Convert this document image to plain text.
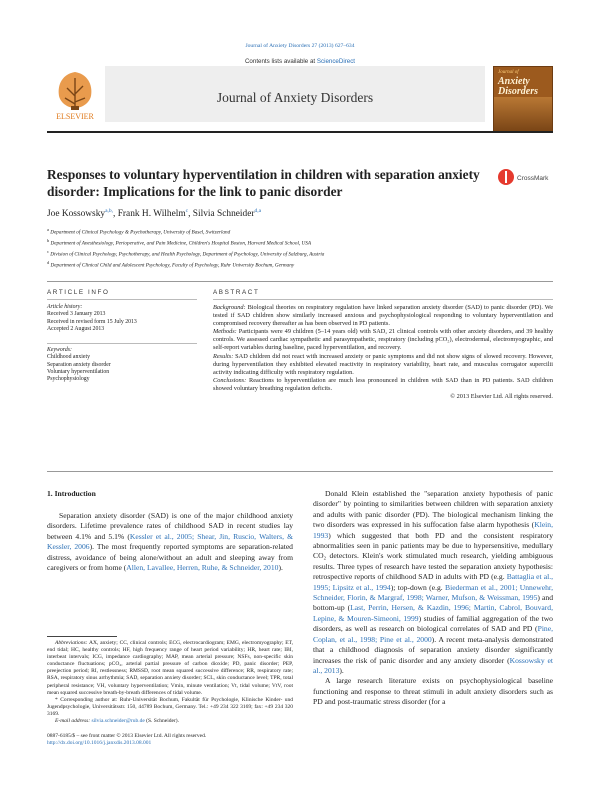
Journal of Anxiety Disorders 27 (2013) 627–634
Contents lists available at ScienceDirect
ELSEVIER
Journal of Anxiety Disorders
Journal of
Anxiety
Disorders
Responses to voluntary hyperventilation in children with separation anxiety disorder: Implications for the link to panic disorder
CrossMark
Joe Kossowsky$^{a,b,}$, Frank H. Wilhelm$^c$, Silvia Schneider$^{d,a}$
$^a$ Department of Clinical Psychology & Psychotherapy, University of Basel, Switzerland
$^b$ Department of Anesthesiology, Perioperative, and Pain Medicine, Children's Hospital Boston, Harvard Medical School, USA
$^c$ Division of Clinical Psychology, Psychotherapy, and Health Psychology, Department of Psychology, University of Salzburg, Austria
$^d$ Department of Clinical Child and Adolescent Psychology, Faculty of Psychology, Ruhr University Bochum, Germany
ARTICLE INFO	ABSTRACT
Article history:
Received 3 January 2013
Received in revised form 15 July 2013
Accepted 2 August 2013
Keywords:
Childhood anxiety
Separation anxiety disorder
Voluntary hyperventilation
Psychophysiology

Background: Biological theories on respiratory regulation have linked separation anxiety disorder (SAD) to panic disorder (PD). We tested if SAD children show similarly increased anxious and psychophysiological responding to voluntary hyperventilation and compromised recovery thereafter as has been observed in PD patients.

Methods: Participants were 49 children (5–14 years old) with SAD, 21 clinical controls with other anxiety disorders, and 39 healthy controls. We assessed cardiac sympathetic and parasympathetic, respiratory (including pCO₂), electrodermal, electromyographic, and self-report variables during baseline, paced hyperventilation, and recovery.

Results: SAD children did not react with increased anxiety or panic symptoms and did not show signs of slowed recovery. However, during hyperventilation they exhibited elevated reactivity in respiratory variability, heart rate, and musculus corrugator supercilii activity indicating difficulty with respiratory regulation.

Conclusions: Reactions to hyperventilation are much less pronounced in children with SAD than in PD patients. SAD children showed voluntary breathing regulation deficits.

© 2013 Elsevier Ltd. All rights reserved.

1. Introduction

Separation anxiety disorder (SAD) is one of the major childhood anxiety disorders. Lifetime prevalence rates of childhood SAD in recent studies lay between 4.1% and 5.1% (Kessler et al., 2005; Shear, Jin, Ruscio, Walters, & Kessler, 2006). The most frequently reported symptoms are separation-related distress, avoidance of being alone/without an adult and sleeping away from caregivers or from home (Allen, Lavallee, Herren, Ruhe, & Schneider, 2010).

Abbreviations: AX, anxiety; CC, clinical controls; ECG, electrocardiogram; EMG, electromyography; ET, end tidal; HC, healthy controls; HF, high frequency range of heart period variability; HR, heart rate; IBI, interbeat intervals; ICG, impedance cardiography; MAP, mean arterial pressure; NSFs, non-specific skin conductance fluctuations; pCO₂, arterial partial pressure of carbon dioxide; PD, panic disorder; PEP, preejection period; RI, restlessness; RMSSD, root mean squared successive difference; RR, respiratory rate; RSA, respiratory sinus arrhythmia; SAD, separation anxiety disorder; SCL, skin conductance level; TPR, total peripheral resistance; VH, voluntary hyperventilation; Vmin, minute ventilation; Vt, tidal volume; VtV, root mean squared successive breath-by-breath differences of tidal volume.

* Corresponding author at: Ruhr-Universität Bochum, Fakultät für Psychologie, Klinische Kinder- und Jugendpsychologie, Universitätsstr. 150, 44789 Bochum, Germany. Tel.: +49 234 322 3169; fax: +49 234 320 3169.

E-mail address: silvia.schneider@rub.de (S. Schneider).

0887-6185/$ – see front matter © 2013 Elsevier Ltd. All rights reserved.
http://dx.doi.org/10.1016/j.janxdis.2013.08.001

Donald Klein established the "separation anxiety hypothesis of panic disorder" by pointing to similarities between children with separation anxiety and adults with panic disorder (PD). The biological mechanism linking the two disorders was expressed in his suffocation false alarm hypothesis (Klein, 1993) which suggested that both PD and the consistent respiratory abnormalities seen in panic patients may be due to hypersensitive, medullary CO₂ detectors. Klein's work stimulated much research, yielding ambiguous results. Three types of research have tested the separation anxiety hypothesis: retrospective reports of childhood SAD in adults with PD (e.g. Battaglia et al., 1995; Lipsitz et al., 1994); top-down (e.g. Biederman et al., 2001; Unnewehr, Schneider, Florin, & Margraf, 1998; Warner, Mufson, & Weissman, 1995) and bottom-up (Last, Perrin, Hersen, & Kazdin, 1996; Martin, Cabrol, Bouvard, Lepine, & Mouren-Simeoni, 1999) studies of familial aggregation of the two disorders, as well as research on biological correlates of SAD and PD (Pine, Coplan, et al., 1998; Pine et al., 2000). A recent meta-analysis demonstrated that a childhood diagnosis of separation anxiety disorder significantly increases the risk of panic disorder and any anxiety disorder (Kossowsky et al., 2013).

A large research literature exists on psychophysiological baseline functioning and response to threat stimuli in adult anxiety disorders such as PD and post-traumatic stress disorder (for a
